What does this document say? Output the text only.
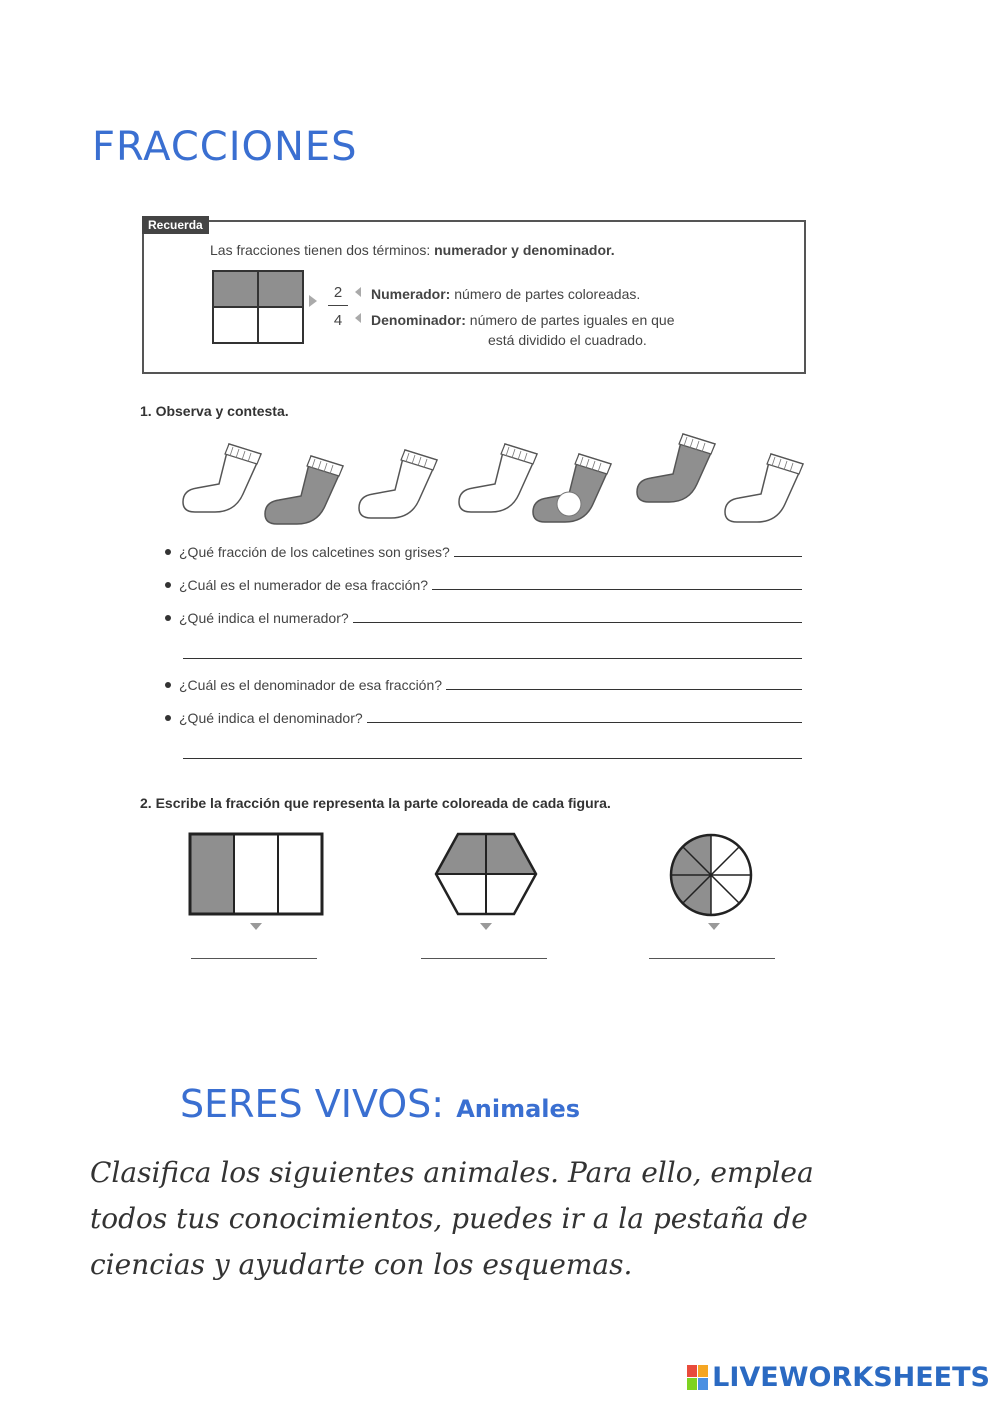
FRACCIONES
Recuerda
Las fracciones tienen dos términos: numerador y denominador.
2
4
Numerador: número de partes coloreadas.
Denominador: número de partes iguales en que
está dividido el cuadrado.
1. Observa y contesta.
¿Qué fracción de los calcetines son grises?
¿Cuál es el numerador de esa fracción?
¿Qué indica el numerador?
¿Cuál es el denominador de esa fracción?
¿Qué indica el denominador?
2. Escribe la fracción que representa la parte coloreada de cada figura.
SERES VIVOS: Animales
Clasifica los siguientes animales. Para ello, emplea
todos tus conocimientos, puedes ir a la pestaña de
ciencias y ayudarte con los esquemas.
LIVEWORKSHEETS
